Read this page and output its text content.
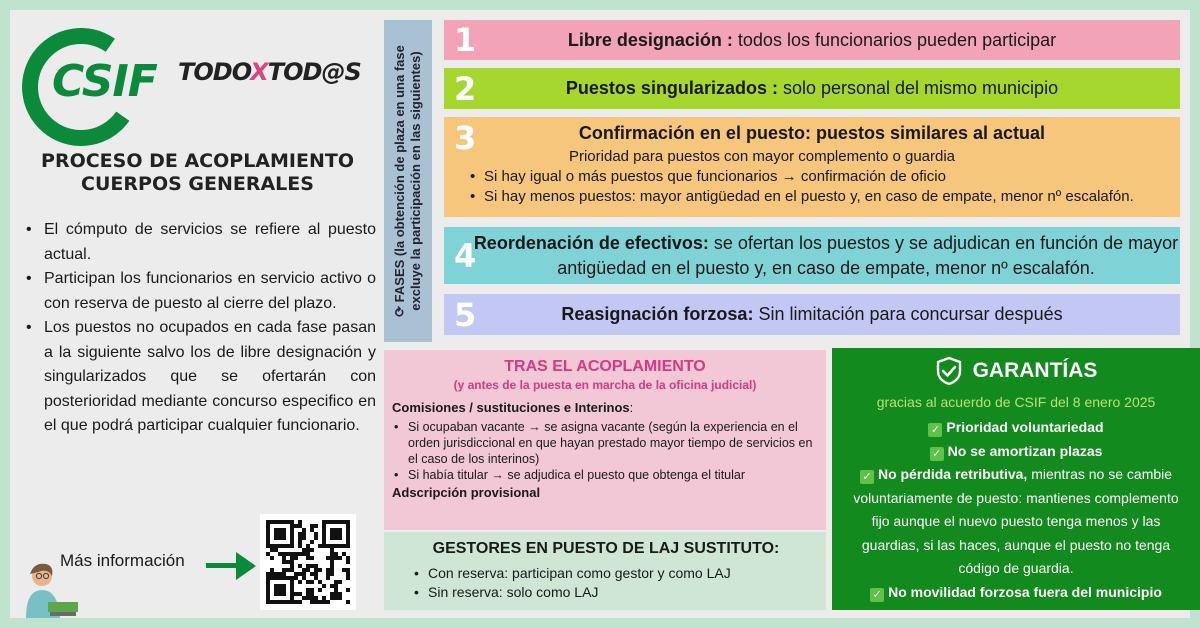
CSIF TODOXTOD@S
PROCESO DE ACOPLAMIENTO
CUERPOS GENERALES
• El cómputo de servicios se refiere al puesto actual.
• Participan los funcionarios en servicio activo o con reserva de puesto al cierre del plazo.
• Los puestos no ocupados en cada fase pasan a la siguiente salvo los de libre designación y singularizados que se ofertarán con posterioridad mediante concurso especifico en el que podrá participar cualquier funcionario.
Más información
⟳ FASES (la obtención de plaza en una fase excluye la participación en las siguientes)
1	Libre designación : todos los funcionarios pueden participar
2	Puestos singularizados : solo personal del mismo municipio
3	Confirmación en el puesto: puestos similares al actual
Prioridad para puestos con mayor complemento o guardia
• Si hay igual o más puestos que funcionarios → confirmación de oficio
• Si hay menos puestos: mayor antigüedad en el puesto y, en caso de empate, menor nº escalafón.
4
Reordenación de efectivos: se ofertan los puestos y se adjudican en función de mayor antigüedad en el puesto y, en caso de empate, menor nº escalafón.
5	Reasignación forzosa: Sin limitación para concursar después
TRAS EL ACOPLAMIENTO
(y antes de la puesta en marcha de la oficina judicial)
Comisiones / sustituciones e Interinos:
• Si ocupaban vacante → se asigna vacante (según la experiencia en el orden jurisdiccional en que hayan prestado mayor tiempo de servicios en el caso de los interinos)
• Si había titular → se adjudica el puesto que obtenga el titular
Adscripción provisional
GESTORES EN PUESTO DE LAJ SUSTITUTO:
• Con reserva: participan como gestor y como LAJ
• Sin reserva: solo como LAJ
GARANTÍAS
gracias al acuerdo de CSIF del 8 enero 2025
✓ Prioridad voluntariedad
✓ No se amortizan plazas
✓ No pérdida retributiva, mientras no se cambie voluntariamente de puesto: mantienes complemento fijo aunque el nuevo puesto tenga menos y las guardias, si las haces, aunque el puesto no tenga código de guardia.
✓ No movilidad forzosa fuera del municipio
